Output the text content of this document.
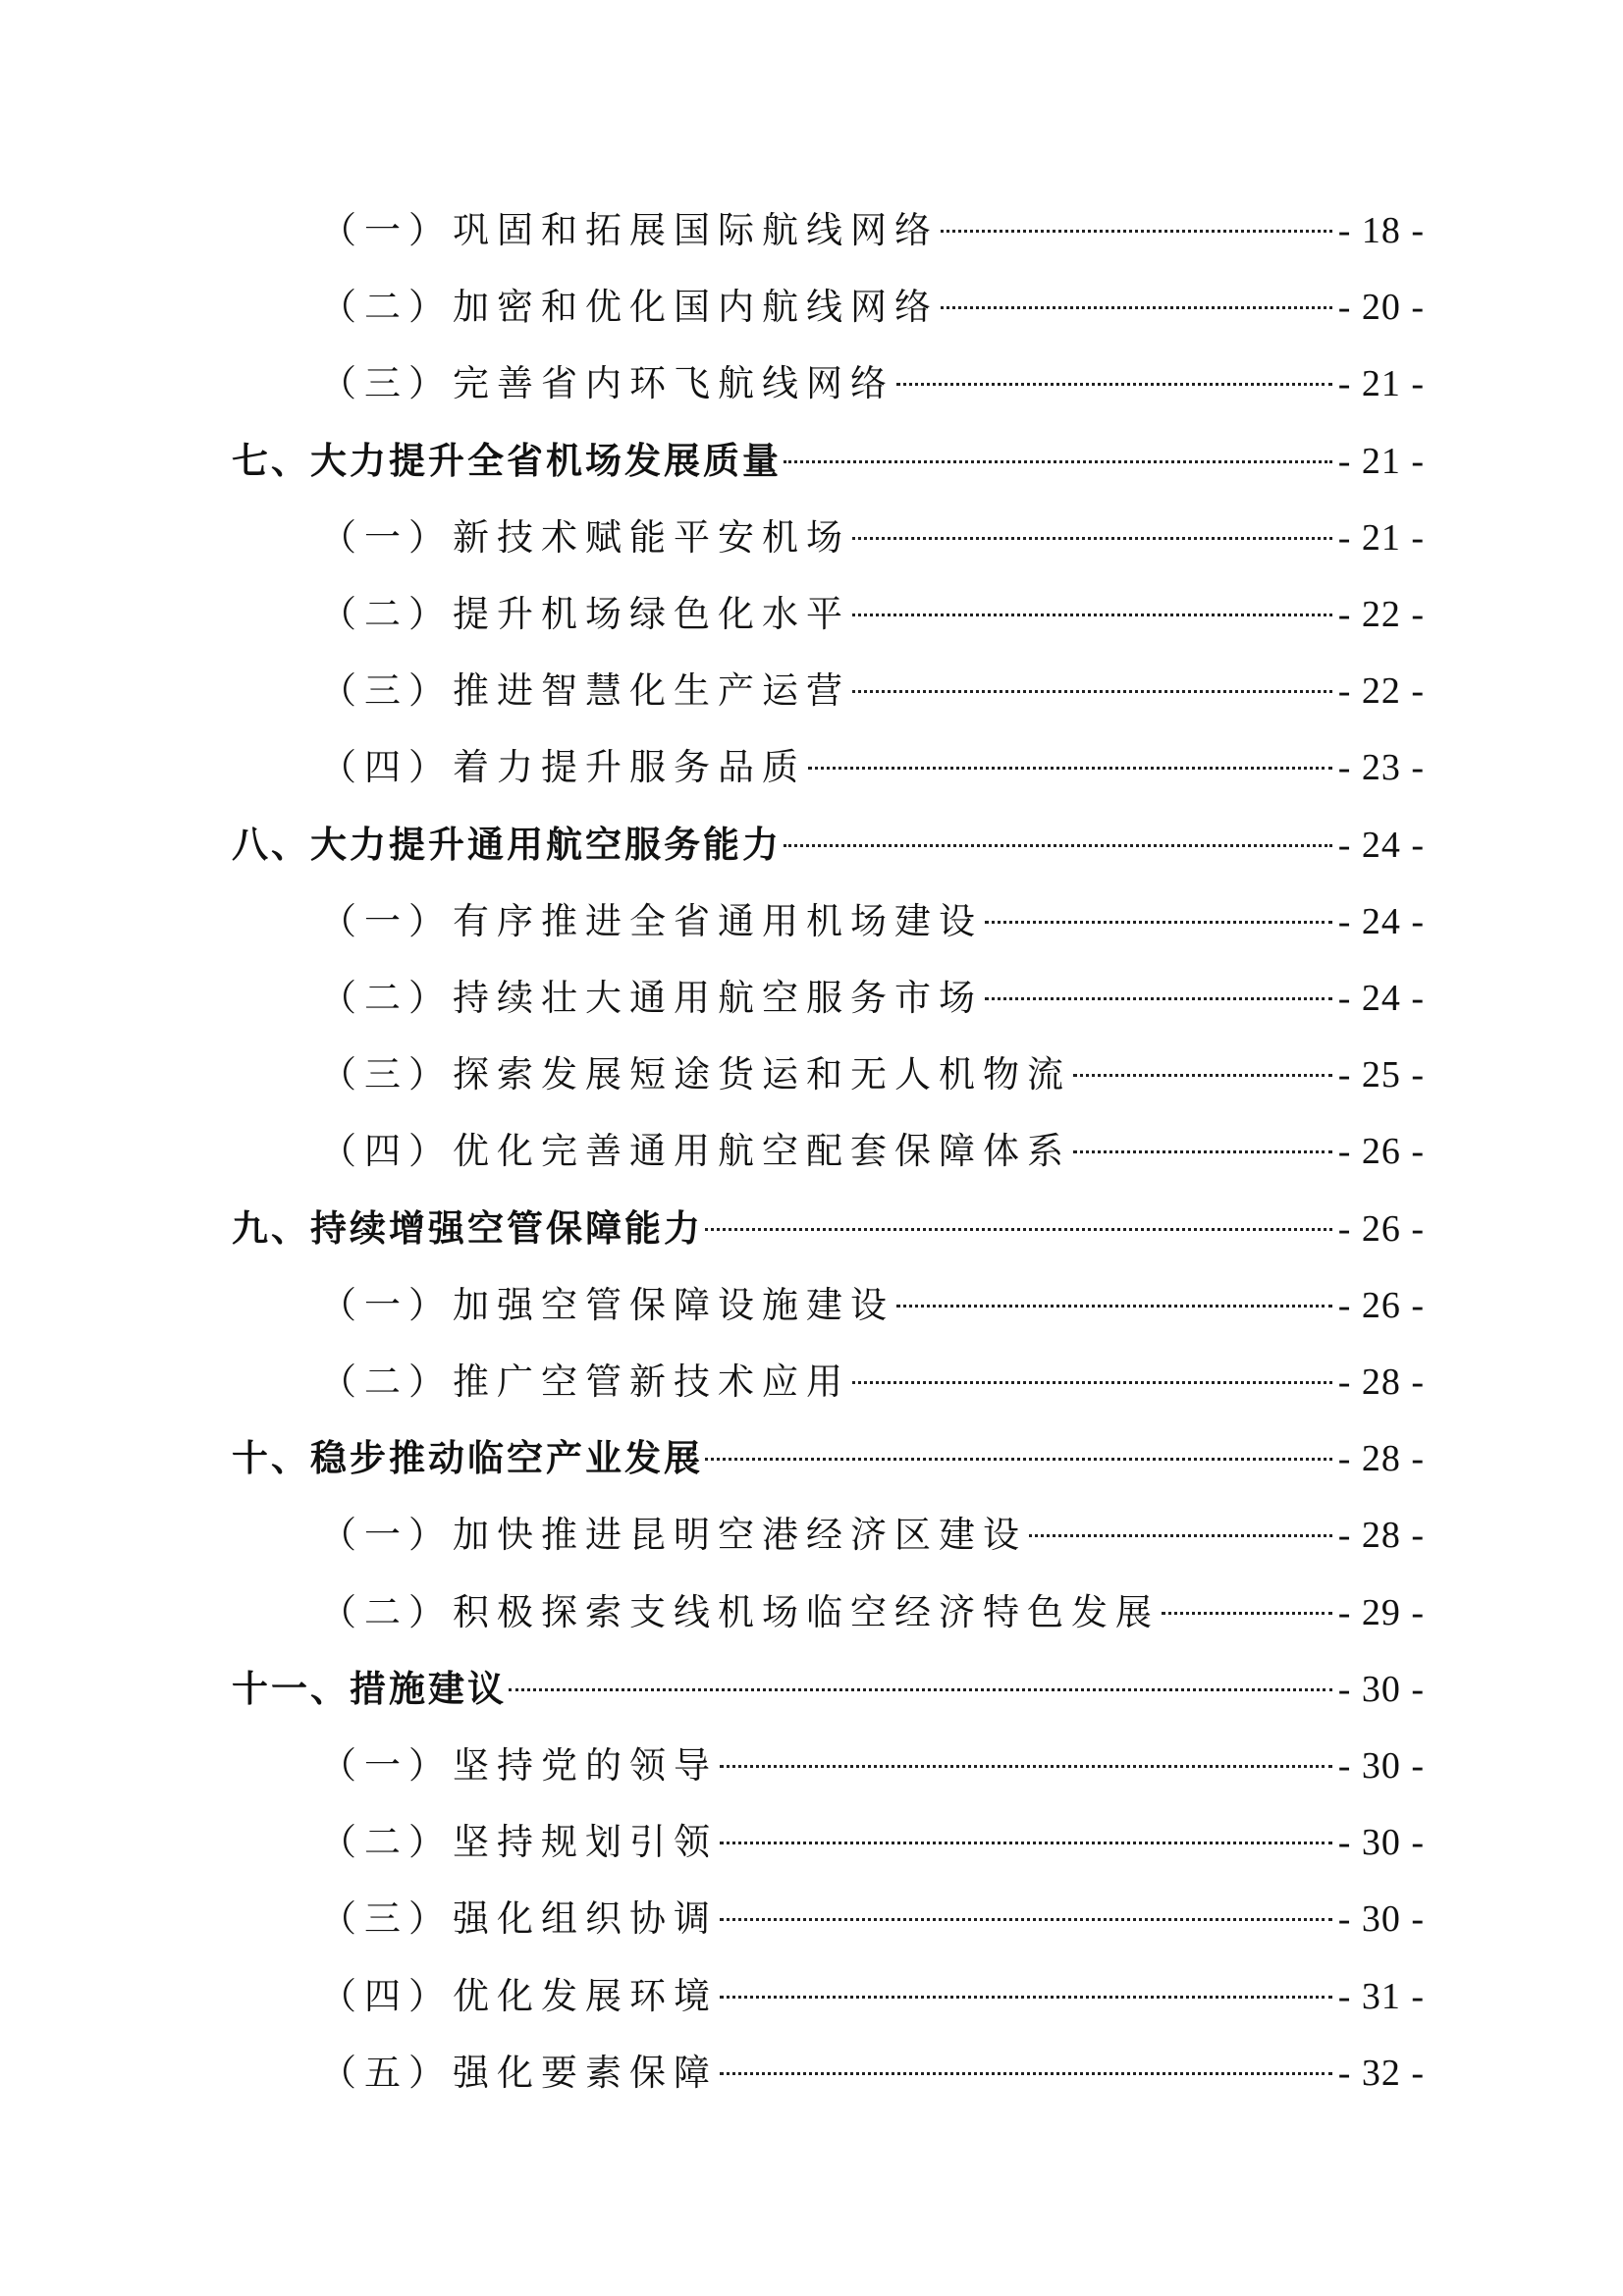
（一）巩固和拓展国际航线网络	- 18 -
（二）加密和优化国内航线网络	- 20 -
（三）完善省内环飞航线网络	- 21 -
七、大力提升全省机场发展质量	- 21 -
（一）新技术赋能平安机场	- 21 -
（二）提升机场绿色化水平	- 22 -
（三）推进智慧化生产运营	- 22 -
（四）着力提升服务品质	- 23 -
八、大力提升通用航空服务能力	- 24 -
（一）有序推进全省通用机场建设	- 24 -
（二）持续壮大通用航空服务市场	- 24 -
（三）探索发展短途货运和无人机物流	- 25 -
（四）优化完善通用航空配套保障体系	- 26 -
九、持续增强空管保障能力	- 26 -
（一）加强空管保障设施建设	- 26 -
（二）推广空管新技术应用	- 28 -
十、稳步推动临空产业发展	- 28 -
（一）加快推进昆明空港经济区建设	- 28 -
（二）积极探索支线机场临空经济特色发展	- 29 -
十一、措施建议	- 30 -
（一）坚持党的领导	- 30 -
（二）坚持规划引领	- 30 -
（三）强化组织协调	- 30 -
（四）优化发展环境	- 31 -
（五）强化要素保障	- 32 -
